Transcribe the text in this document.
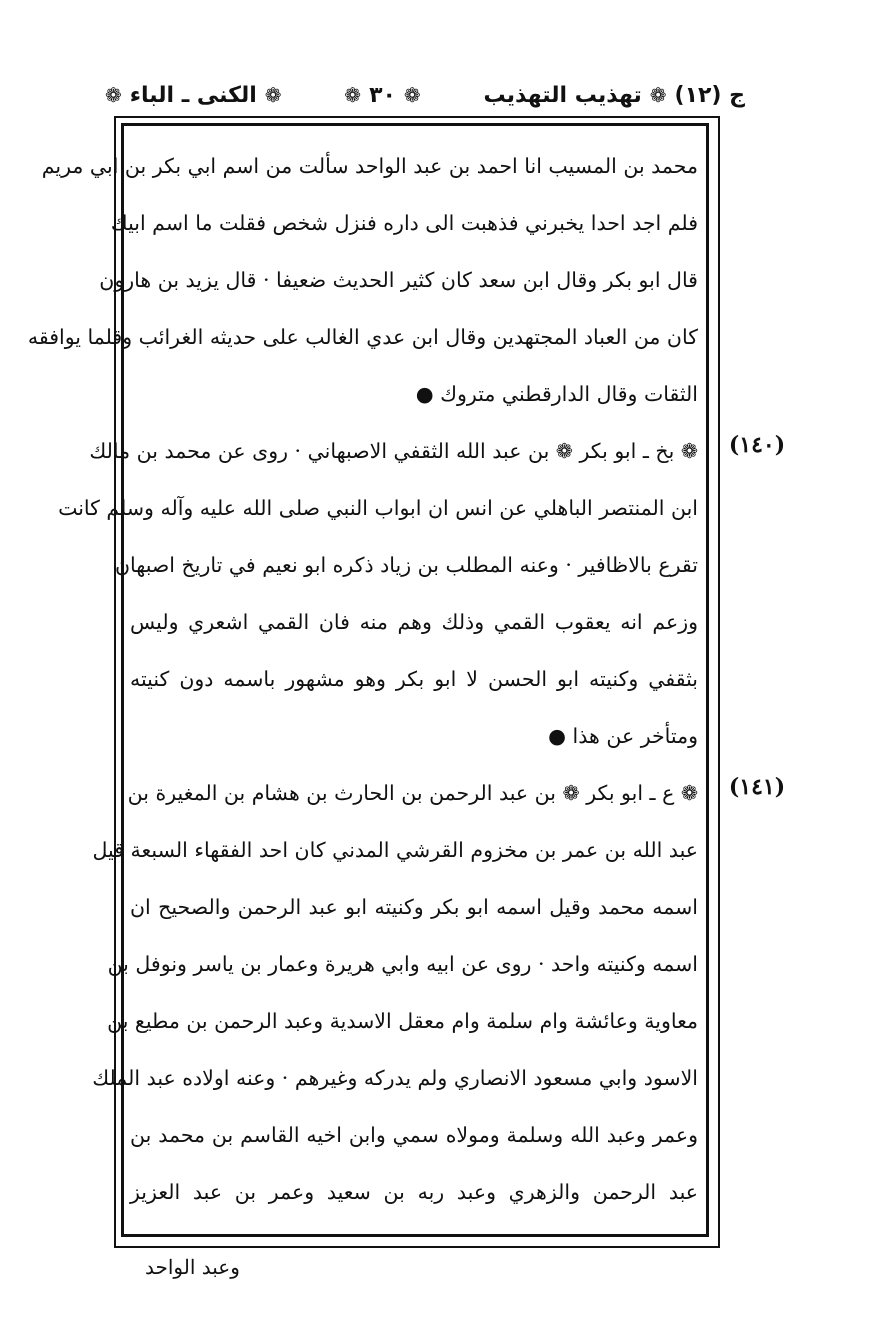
ج (١٢)
❁
تهذيب التهذيب
❁
٣٠
❁
❁
الكنى ـ الباء
❁
(١٤٠)
(١٤١)
محمد بن المسيب انا احمد بن عبد الواحد سألت من اسم ابي بكر بن ابي مريم
فلم اجد احدا يخبرني فذهبت الى داره فنزل شخص فقلت ما اسم ابيك
قال ابو بكر وقال ابن سعد كان كثير الحديث ضعيفا · قال يزيد بن هارون
كان من العباد المجتهدين وقال ابن عدي الغالب على حديثه الغرائب وقلما يوافقه
الثقات وقال الدارقطني متروك ●
❁ بخ ـ ابو بكر ❁ بن عبد الله الثقفي الاصبهاني · روى عن محمد بن مالك
ابن المنتصر الباهلي عن انس ان ابواب النبي صلى الله عليه وآله وسلم كانت
تقرع بالاظافير · وعنه المطلب بن زياد ذكره ابو نعيم في تاريخ اصبهان
وزعم انه يعقوب القمي وذلك وهم منه فان القمي اشعري وليس
بثقفي وكنيته ابو الحسن لا ابو بكر وهو مشهور باسمه دون كنيته
ومتأخر عن هذا ●
❁ ع ـ ابو بكر ❁ بن عبد الرحمن بن الحارث بن هشام بن المغيرة بن
عبد الله بن عمر بن مخزوم القرشي المدني كان احد الفقهاء السبعة قيل
اسمه محمد وقيل اسمه ابو بكر وكنيته ابو عبد الرحمن والصحيح ان
اسمه وكنيته واحد · روى عن ابيه وابي هريرة وعمار بن ياسر ونوفل بن
معاوية وعائشة وام سلمة وام معقل الاسدية وعبد الرحمن بن مطيع بن
الاسود وابي مسعود الانصاري ولم يدركه وغيرهم · وعنه اولاده عبد الملك
وعمر وعبد الله وسلمة ومولاه سمي وابن اخيه القاسم بن محمد بن
عبد الرحمن والزهري وعبد ربه بن سعيد وعمر بن عبد العزيز
وعبد الواحد
